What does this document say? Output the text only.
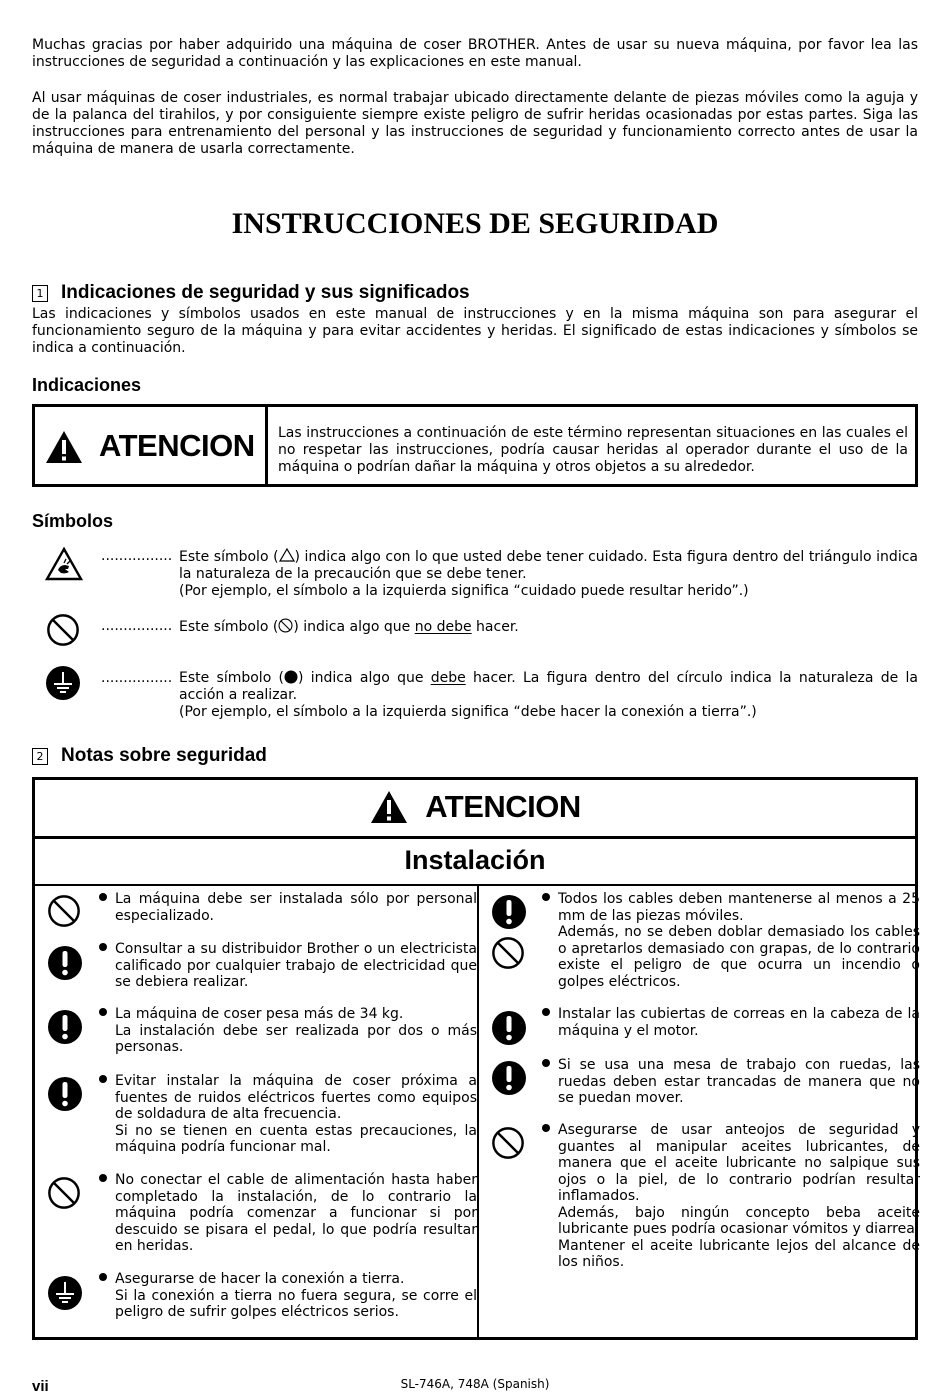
Muchas gracias por haber adquirido una máquina de coser BROTHER. Antes de usar su nueva máquina, por favor lea las instrucciones de seguridad a continuación y las explicaciones en este manual.

Al usar máquinas de coser industriales, es normal trabajar ubicado directamente delante de piezas móviles como la aguja y de la palanca del tirahilos, y por consiguiente siempre existe peligro de sufrir heridas ocasionadas por estas partes. Siga las instrucciones para entrenamiento del personal y las instrucciones de seguridad y funcionamiento correcto antes de usar la máquina de manera de usarla correctamente.

INSTRUCCIONES DE SEGURIDAD
1 Indicaciones de seguridad y sus significados

Las indicaciones y símbolos usados en este manual de instrucciones y en la misma máquina son para asegurar el funcionamiento seguro de la máquina y para evitar accidentes y heridas. El significado de estas indicaciones y símbolos se indica a continuación.

Indicaciones
ATENCION Las instrucciones a continuación de este término representan situaciones en las cuales el no respetar las instrucciones, podría causar heridas al operador durante el uso de la máquina o podrían dañar la máquina y otros objetos a su alrededor.

Símbolos
................ Este símbolo ( ) indica algo con lo que usted debe tener cuidado. Esta figura dentro del triángulo indica la naturaleza de la precaución que se debe tener.
(Por ejemplo, el símbolo a la izquierda significa “cuidado puede resultar herido”.)
................ Este símbolo ( ) indica algo que no debe hacer.
................ Este símbolo ( ) indica algo que debe hacer. La figura dentro del círculo indica la naturaleza de la acción a realizar.
(Por ejemplo, el símbolo a la izquierda significa “debe hacer la conexión a tierra”.)
2 Notas sobre seguridad
ATENCION
Instalación
La máquina debe ser instalada sólo por personal especializado.
Consultar a su distribuidor Brother o un electricista calificado por cualquier trabajo de electricidad que se debiera realizar.
La máquina de coser pesa más de 34 kg.
La instalación debe ser realizada por dos o más personas.
Evitar instalar la máquina de coser próxima a fuentes de ruidos eléctricos fuertes como equipos de soldadura de alta frecuencia.
Si no se tienen en cuenta estas precauciones, la máquina podría funcionar mal.
No conectar el cable de alimentación hasta haber completado la instalación, de lo contrario la máquina podría comenzar a funcionar si por descuido se pisara el pedal, lo que podría resultar en heridas.
Asegurarse de hacer la conexión a tierra.
Si la conexión a tierra no fuera segura, se corre el peligro de sufrir golpes eléctricos serios.
Todos los cables deben mantenerse al menos a 25 mm de las piezas móviles.
Además, no se deben doblar demasiado los cables o apretarlos demasiado con grapas, de lo contrario existe el peligro de que ocurra un incendio o golpes eléctricos.
Instalar las cubiertas de correas en la cabeza de la máquina y el motor.
Si se usa una mesa de trabajo con ruedas, las ruedas deben estar trancadas de manera que no se puedan mover.
Asegurarse de usar anteojos de seguridad y guantes al manipular aceites lubricantes, de manera que el aceite lubricante no salpique sus ojos o la piel, de lo contrario podrían resultar inflamados.
Además, bajo ningún concepto beba aceite lubricante pues podría ocasionar vómitos y diarrea.
Mantener el aceite lubricante lejos del alcance de los niños.
vii	SL-746A, 748A (Spanish)
